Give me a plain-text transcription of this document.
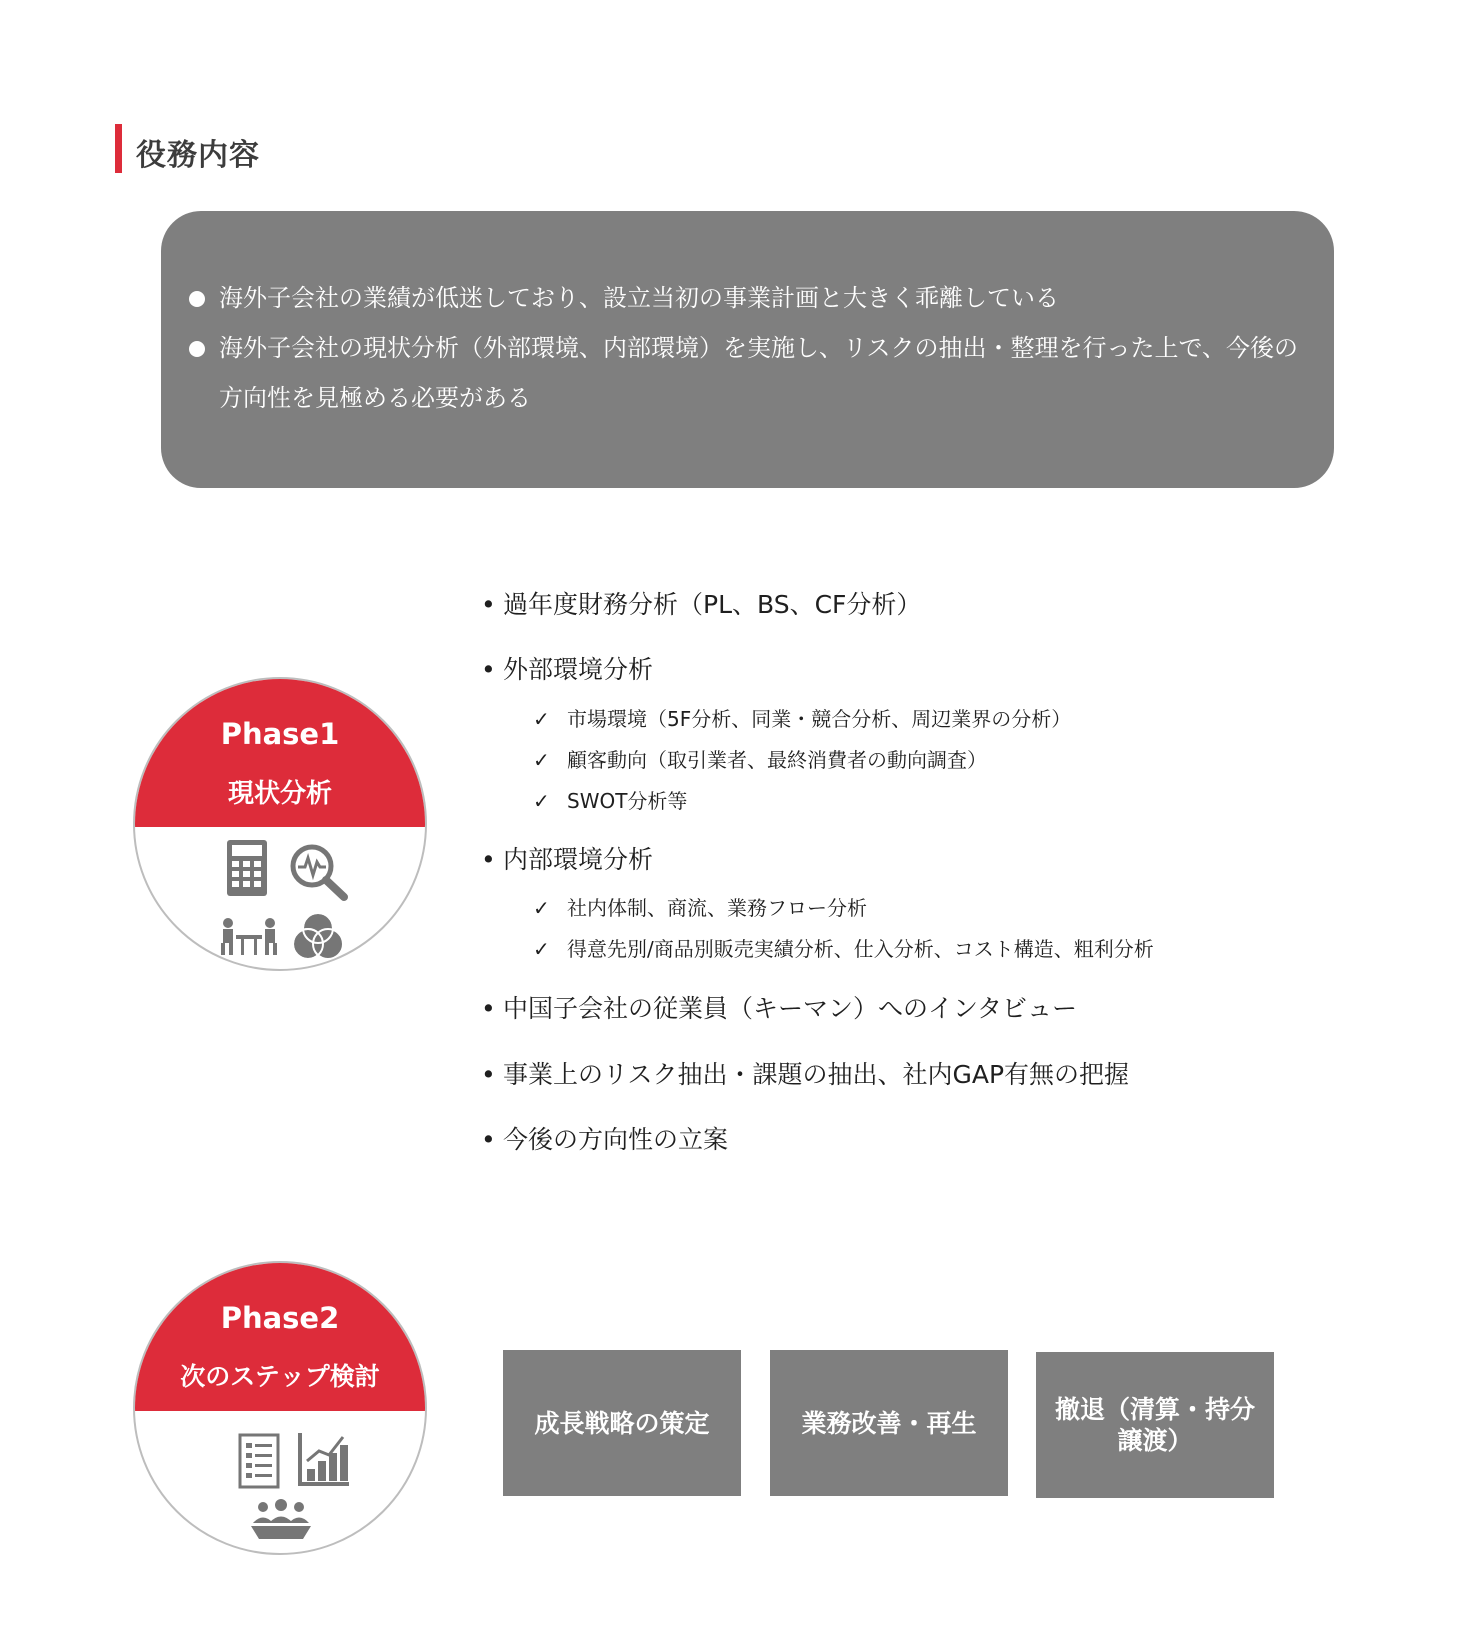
役務内容
海外子会社の業績が低迷しており、設立当初の事業計画と大きく乖離している
海外子会社の現状分析（外部環境、内部環境）を実施し、リスクの抽出・整理を行った上で、今後の方向性を見極める必要がある
Phase1
現状分析
• 過年度財務分析（PL、BS、CF分析）
• 外部環境分析
✓ 市場環境（5F分析、同業・競合分析、周辺業界の分析）
✓ 顧客動向（取引業者、最終消費者の動向調査）
✓ SWOT分析等
• 内部環境分析
✓ 社内体制、商流、業務フロー分析
✓ 得意先別/商品別販売実績分析、仕入分析、コスト構造、粗利分析
• 中国子会社の従業員（キーマン）へのインタビュー
• 事業上のリスク抽出・課題の抽出、社内GAP有無の把握
• 今後の方向性の立案
Phase2
次のステップ検討
成長戦略の策定	業務改善・再生	撤退（清算・持分譲渡）
